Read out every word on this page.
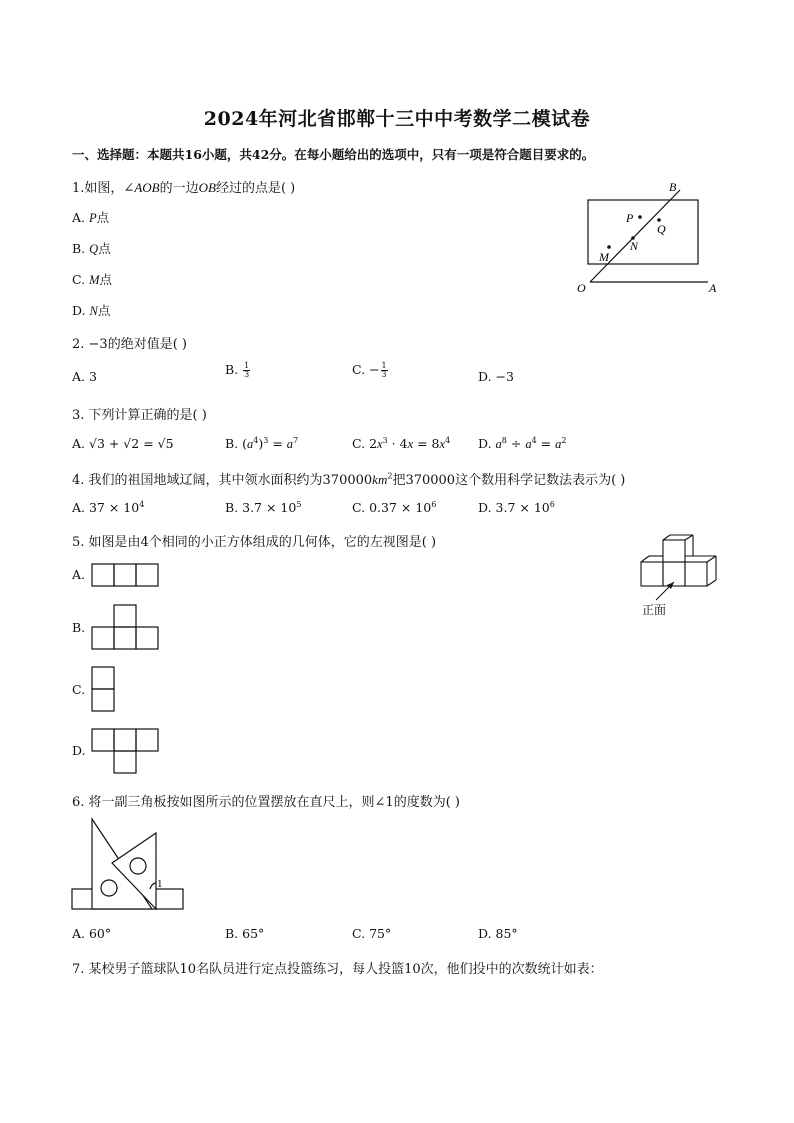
2024年河北省邯郸十三中中考数学二模试卷
一、选择题：本题共16小题，共42分。在每小题给出的选项中，只有一项是符合题目要求的。
1.如图，∠AOB的一边OB经过的点是( )
A. P点
B. Q点
C. M点
D. N点
B
P
Q
N
M
O	A
2. −3的绝对值是( )
A. 3	B. $\frac{1}{3}$	C. − $\frac{1}{3}$	D. −3
3. 下列计算正确的是( )
A. √3 + √2 = √5	B. $(a^4)^3 = a^7$	C. $2x^3 \cdot 4x = 8x^4$ D. $a^8 \div a^4 = a^2$
4. 我们的祖国地域辽阔，其中领水面积约为$370000km^2$把370000这个数用科学记数法表示为( )
A. $37 \times 10^4$	B. $3.7 \times 10^5$	C. $0.37 \times 10^6$	D. $3.7 \times 10^6$
5. 如图是由4个相同的小正方体组成的几何体，它的左视图是( )
A.
B.
C.
D.
正面
6. 将一副三角板按如图所示的位置摆放在直尺上，则∠1的度数为( )
1
A. 60°	B. 65°	C. 75°	D. 85°
7. 某校男子篮球队10名队员进行定点投篮练习，每人投篮10次，他们投中的次数统计如表：
